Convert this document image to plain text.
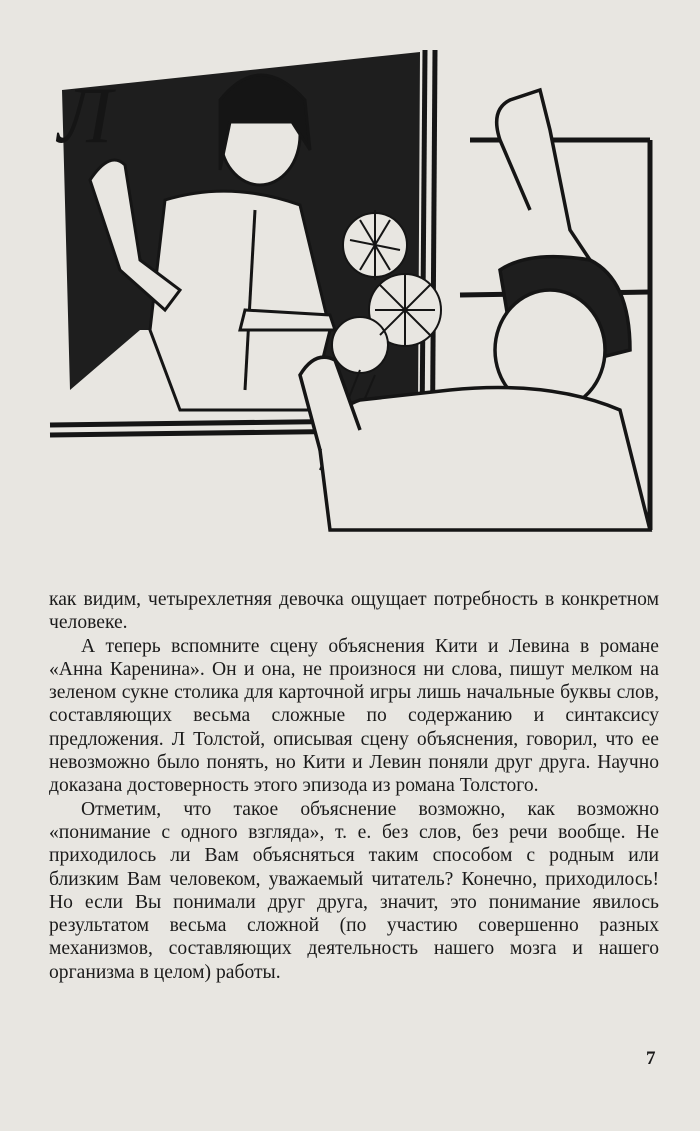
Л

как видим, четырехлетняя девочка ощущает потребность в конкретном человеке.

А теперь вспомните сцену объяснения Кити и Левина в романе «Анна Каренина». Он и она, не произнося ни слова, пишут мелком на зеленом сукне столика для карточной игры лишь начальные буквы слов, составляющих весьма сложные по содержанию и синтаксису предложения. Л Толстой, описывая сцену объяснения, говорил, что ее невозможно было понять, но Кити и Левин поняли друг друга. Научно доказана достоверность этого эпизода из романа Толстого.

Отметим, что такое объяснение возможно, как возможно «понимание с одного взгляда», т. е. без слов, без речи вообще. Не приходилось ли Вам объясняться таким способом с родным или близким Вам человеком, уважаемый читатель? Конечно, приходилось! Но если Вы понимали друг друга, значит, это понимание явилось результатом весьма сложной (по участию совершенно разных механизмов, составляющих деятельность нашего мозга и нашего организма в целом) работы.

7
